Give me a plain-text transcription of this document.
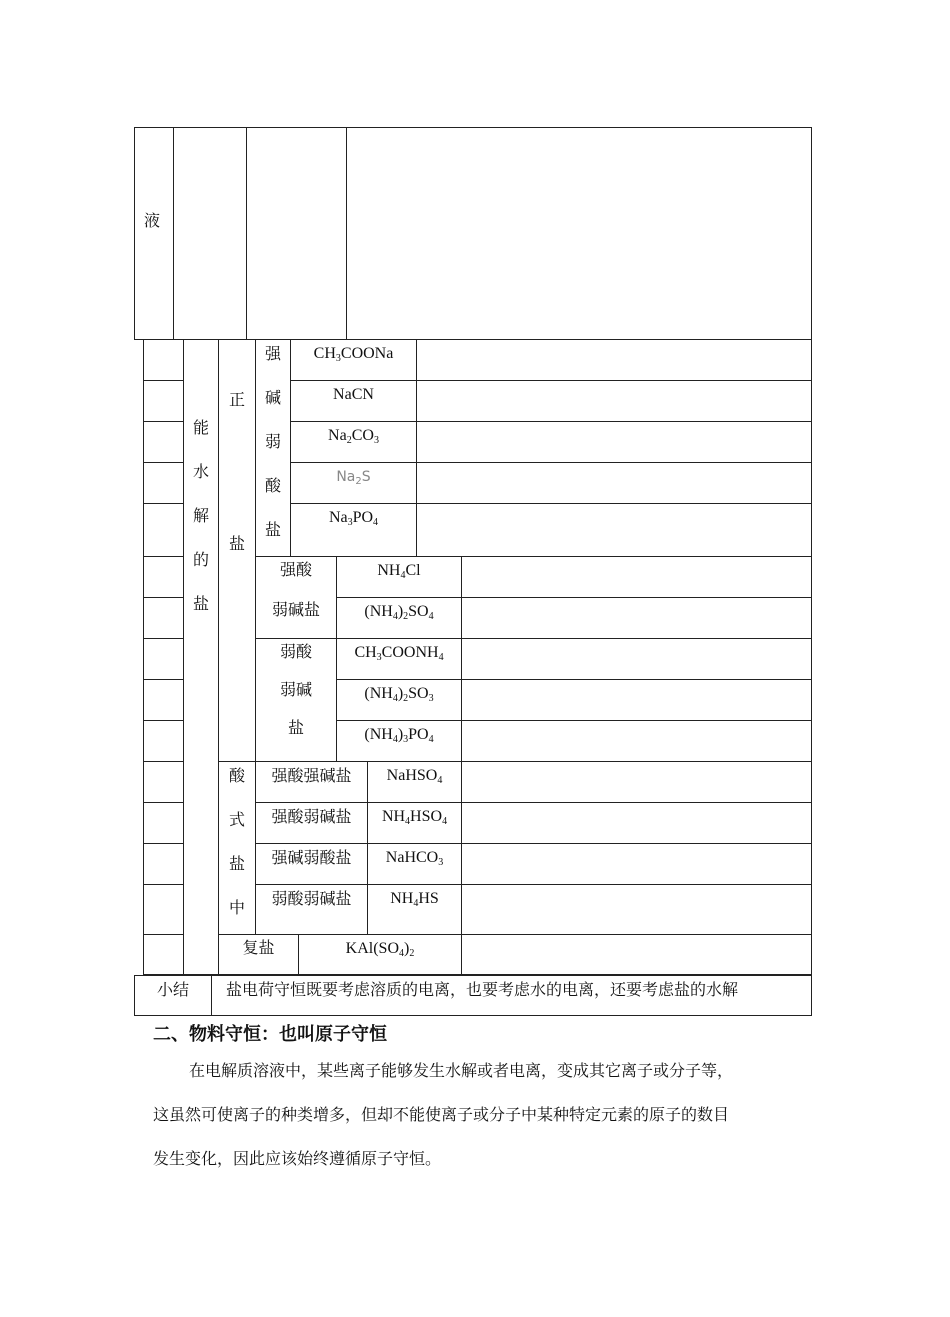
液
能
水
解
的
盐
正
盐
强
碱
弱
酸
盐
$CH_3COONa$
NaCN
$Na_2CO_3$
$Na_2S$
$Na_3PO_4$
强酸
弱碱盐
$NH_4Cl$
$(NH_4)_2SO_4$
弱酸
弱碱
盐
$CH_3COONH_4$
$(NH_4)_2SO_3$
$(NH_4)_3PO_4$
酸
式
盐
中
强酸强碱盐
强酸弱碱盐
强碱弱酸盐
弱酸弱碱盐
NaHSO$_4$
$NH_4HSO_4$
NaHCO$_3$
$NH_4HS$
复盐	$KAl(SO_4)_2$
小结	盐电荷守恒既要考虑溶质的电离，也要考虑水的电离，还要考虑盐的水解
二、物料守恒：也叫原子守恒
在电解质溶液中，某些离子能够发生水解或者电离，变成其它离子或分子等，
这虽然可使离子的种类增多，但却不能使离子或分子中某种特定元素的原子的数目
发生变化，因此应该始终遵循原子守恒。
